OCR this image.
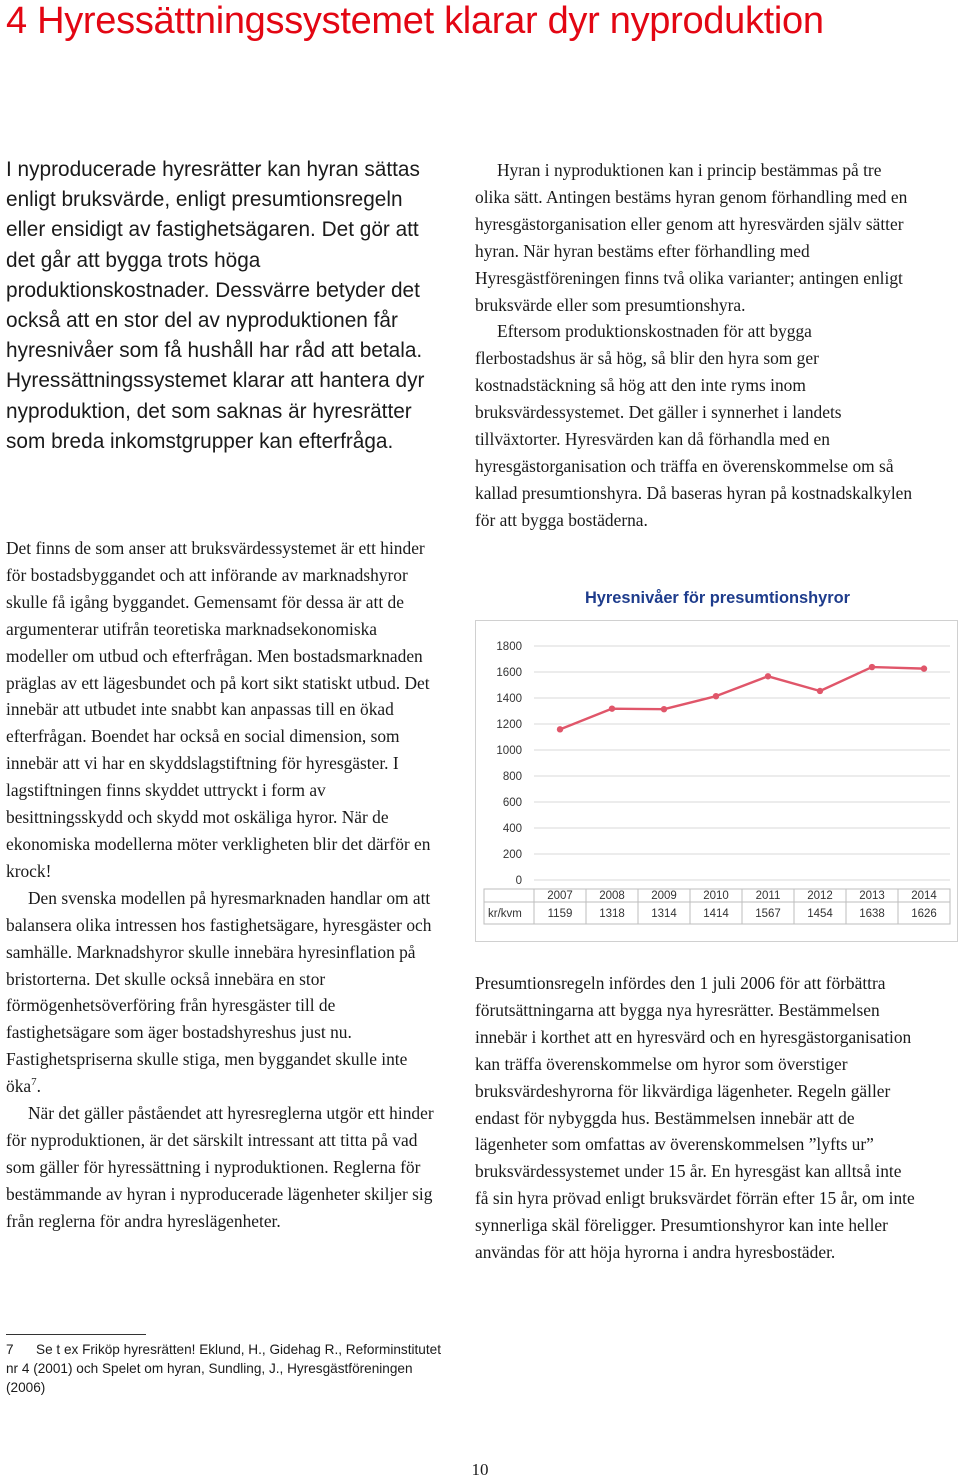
4 Hyressättningssystemet klarar dyr nyproduktion

I nyproducerade hyresrätter kan hyran sättas enligt bruksvärde, enligt presumtionsregeln eller ensidigt av fastighetsägaren. Det gör att det går att bygga trots höga produktionskostnader. Dessvärre betyder det också att en stor del av nyproduktionen får hyresnivåer som få hushåll har råd att betala. Hyressättningssystemet klarar att hantera dyr nyproduktion, det som saknas är hyresrätter som breda inkomstgrupper kan efterfråga.

Det finns de som anser att bruksvärdessystemet är ett hinder för bostadsbyggandet och att införande av marknadshyror skulle få igång byggandet. Gemensamt för dessa är att de argumenterar utifrån teoretiska marknadsekonomiska modeller om utbud och efterfrågan. Men bostadsmarknaden präglas av ett lägesbundet och på kort sikt statiskt utbud. Det innebär att utbudet inte snabbt kan anpassas till en ökad efterfrågan. Boendet har också en social dimension, som innebär att vi har en skyddslagstiftning för hyresgäster. I lagstiftningen finns skyddet uttryckt i form av besittningsskydd och skydd mot oskäliga hyror. När de ekonomiska modellerna möter verkligheten blir det därför en krock!

Den svenska modellen på hyresmarknaden handlar om att balansera olika intressen hos fastighetsägare, hyresgäster och samhälle. Marknadshyror skulle innebära hyresinflation på bristorterna. Det skulle också innebära en stor förmögenhetsöverföring från hyresgäster till de fastighetsägare som äger bostadshyreshus just nu. Fastighetspriserna skulle stiga, men byggandet skulle inte öka$^7$.

När det gäller påståendet att hyresreglerna utgör ett hinder för nyproduktionen, är det särskilt intressant att titta på vad som gäller för hyressättning i nyproduktionen. Reglerna för bestämmande av hyran i nyproducerade lägenheter skiljer sig från reglerna för andra hyreslägenheter.

Hyran i nyproduktionen kan i princip bestämmas på tre olika sätt. Antingen bestäms hyran genom förhandling med en hyresgästorganisation eller genom att hyresvärden själv sätter hyran. När hyran bestäms efter förhandling med Hyresgästföreningen finns två olika varianter; antingen enligt bruksvärde eller som presumtionshyra.

Eftersom produktionskostnaden för att bygga flerbostadshus är så hög, så blir den hyra som ger kostnadstäckning så hög att den inte ryms inom bruksvärdessystemet. Det gäller i synnerhet i landets tillväxtorter. Hyresvärden kan då förhandla med en hyresgästorganisation och träffa en överenskommelse om så kallad presumtionshyra. Då baseras hyran på kostnadskalkylen för att bygga bostäderna.

Hyresnivåer för presumtionshyror

0
200
400
600
800
1000
1200
1400
1600
1800
kr/kvm
2007
1159
2008
1318
2009
1314
2010
1414
2011
1567
2012
1454
2013
1638
2014
1626

Presumtionsregeln infördes den 1 juli 2006 för att förbättra förutsättningarna att bygga nya hyresrätter. Bestämmelsen innebär i korthet att en hyresvärd och en hyresgästorganisation kan träffa överenskommelse om hyror som överstiger bruksvärdeshyrorna för likvärdiga lägenheter. Regeln gäller endast för nybyggda hus. Bestämmelsen innebär att de lägenheter som omfattas av överenskommelsen ”lyfts ur” bruksvärdessystemet under 15 år. En hyresgäst kan alltså inte få sin hyra prövad enligt bruksvärdet förrän efter 15 år, om inte synnerliga skäl föreligger. Presumtionshyror kan inte heller användas för att höja hyrorna i andra hyresbostäder.

7 Se t ex Friköp hyresrätten! Eklund, H., Gidehag R., Reforminstitutet nr 4 (2001) och Spelet om hyran, Sundling, J., Hyresgästföreningen (2006)

10
